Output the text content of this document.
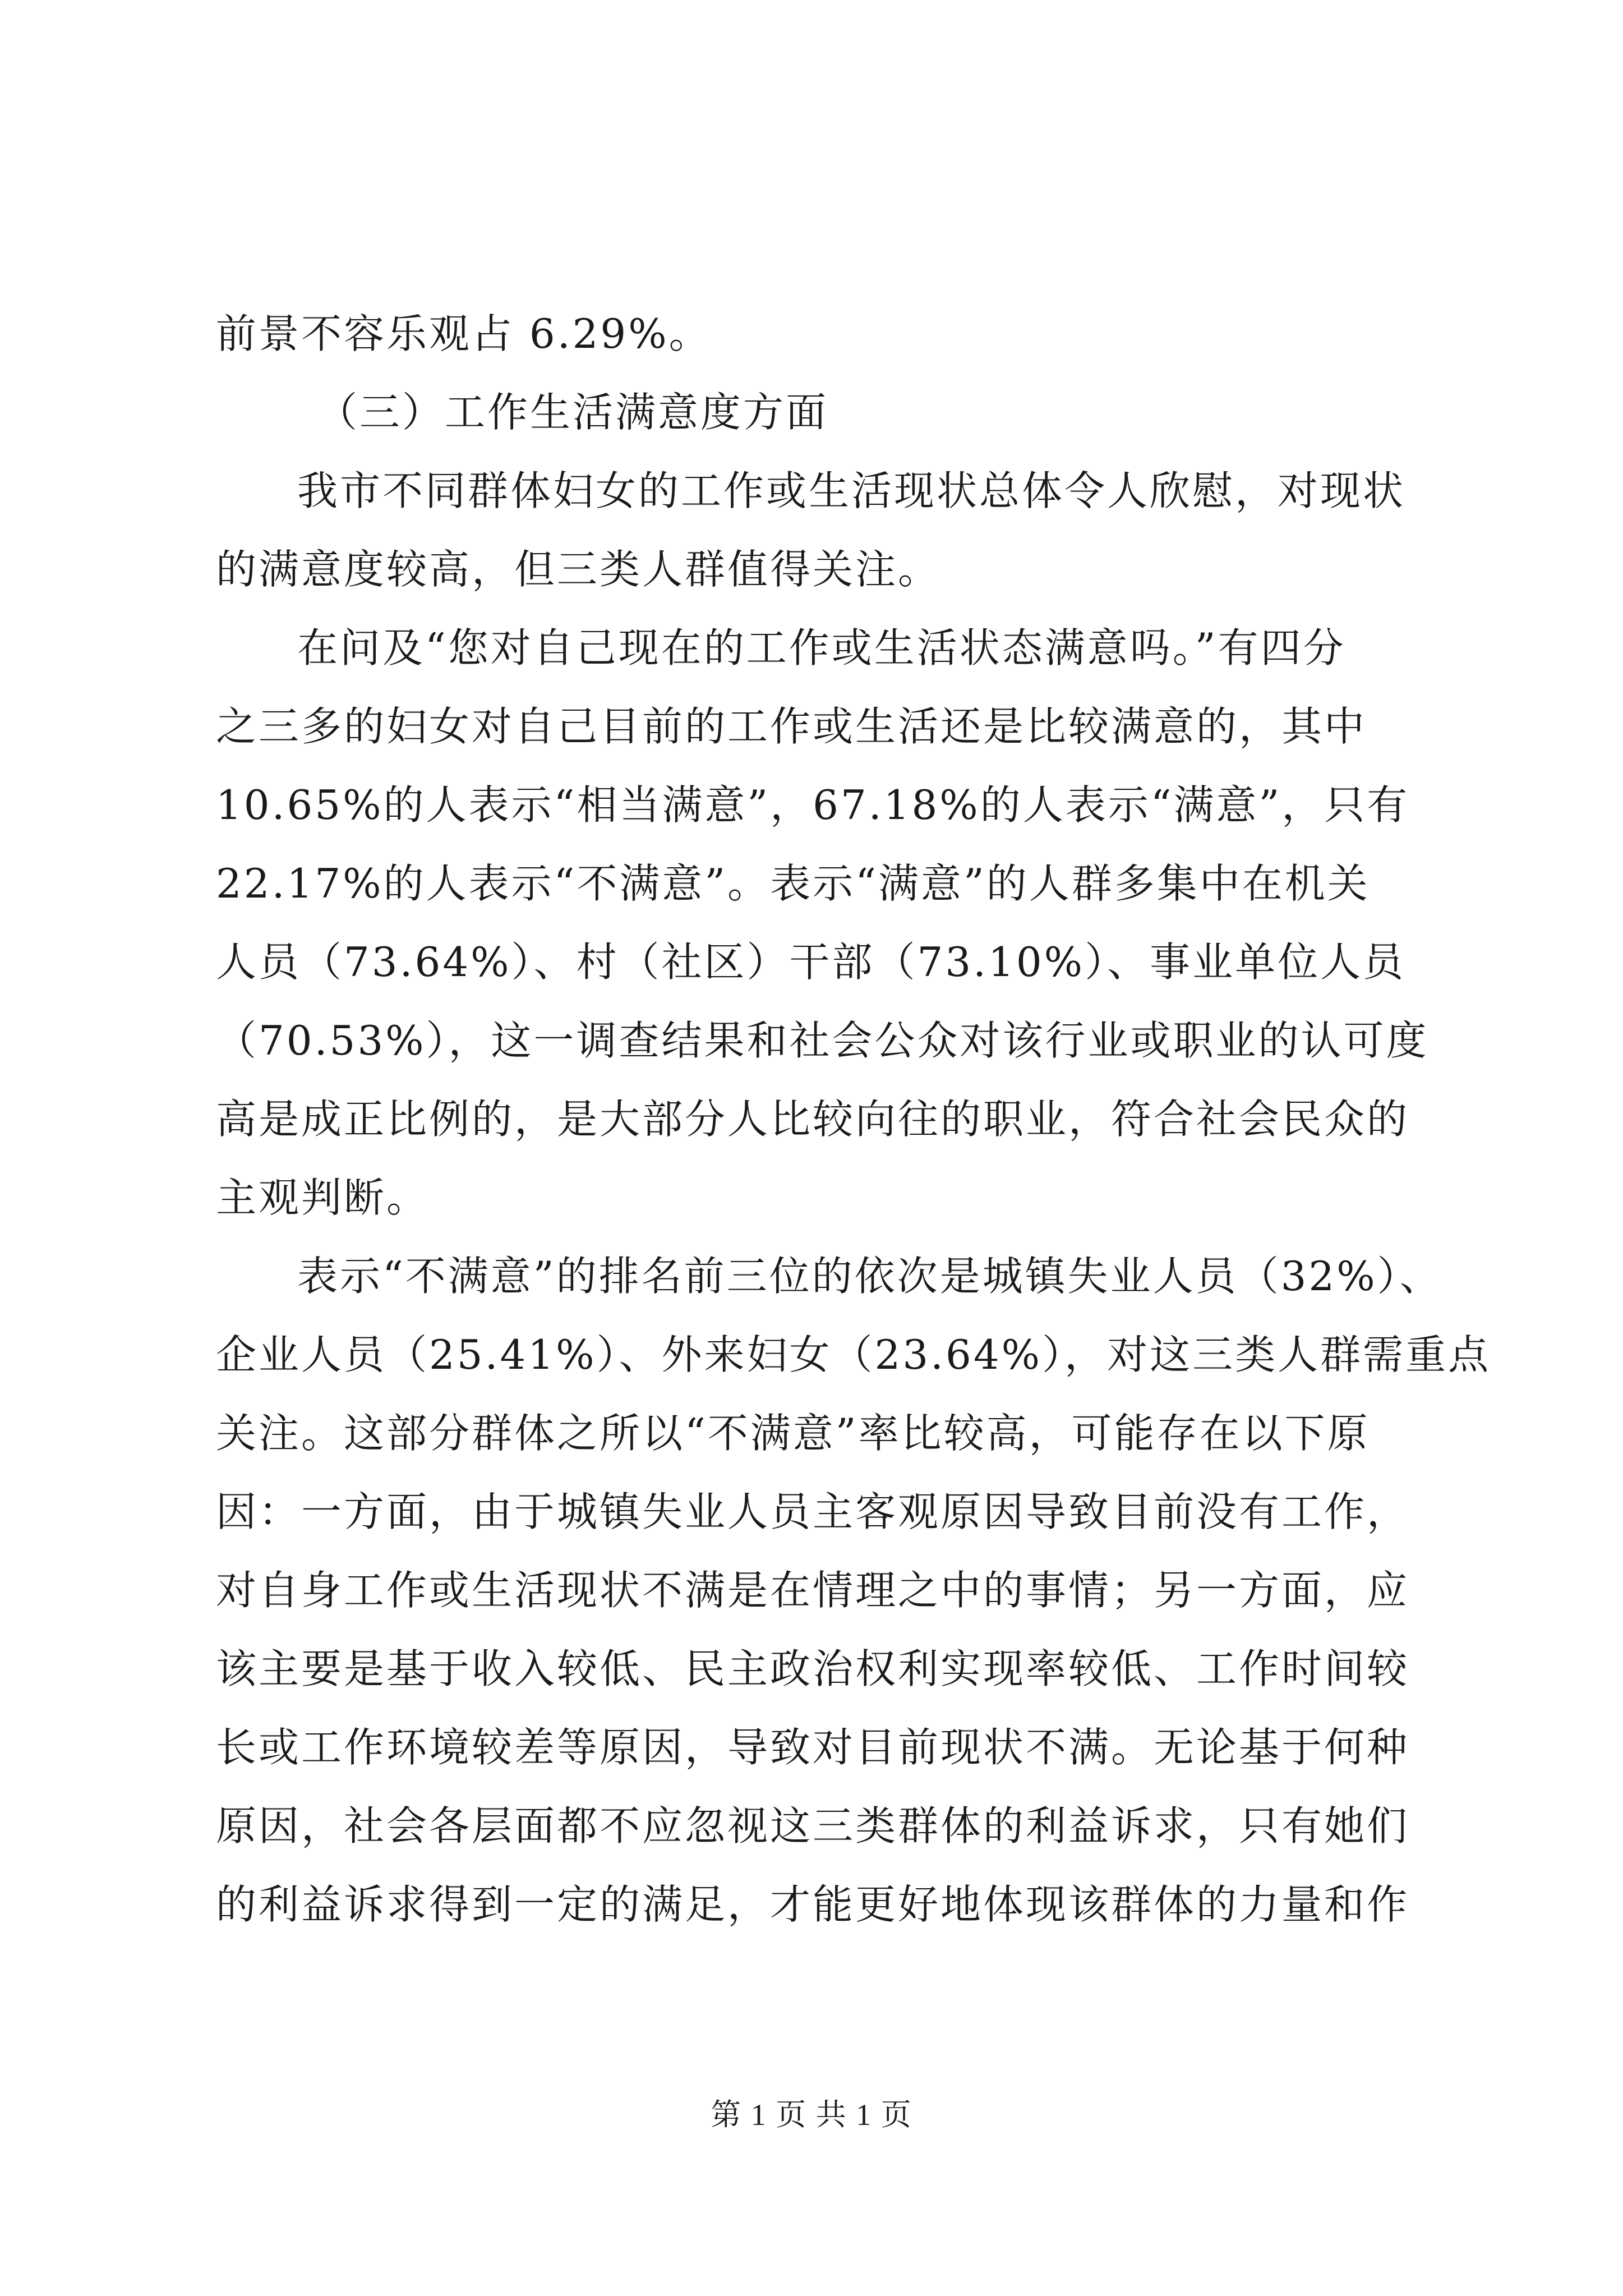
前景不容乐观占 6.29%。
（三）工作生活满意度方面
我市不同群体妇女的工作或生活现状总体令人欣慰，对现状
的满意度较高，但三类人群值得关注。
在问及“您对自己现在的工作或生活状态满意吗。”有四分
之三多的妇女对自己目前的工作或生活还是比较满意的，其中
10.65%的人表示“相当满意”，67.18%的人表示“满意”，只有
22.17%的人表示“不满意”。表示“满意”的人群多集中在机关
人员（73.64%）、村（社区）干部（73.10%）、事业单位人员
（70.53%），这一调查结果和社会公众对该行业或职业的认可度
高是成正比例的，是大部分人比较向往的职业，符合社会民众的
主观判断。
表示“不满意”的排名前三位的依次是城镇失业人员（32%）、
企业人员（25.41%）、外来妇女（23.64%），对这三类人群需重点
关注。这部分群体之所以“不满意”率比较高，可能存在以下原
因：一方面，由于城镇失业人员主客观原因导致目前没有工作，
对自身工作或生活现状不满是在情理之中的事情；另一方面，应
该主要是基于收入较低、民主政治权利实现率较低、工作时间较
长或工作环境较差等原因，导致对目前现状不满。无论基于何种
原因，社会各层面都不应忽视这三类群体的利益诉求，只有她们
的利益诉求得到一定的满足，才能更好地体现该群体的力量和作
第 1 页 共 1 页
